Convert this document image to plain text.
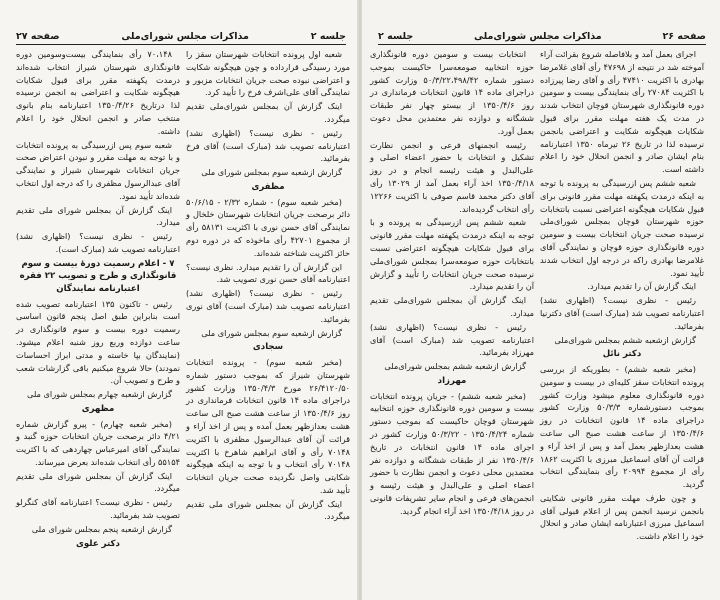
صفحه ۲۷	مذاکرات مجلس شورای‌ملی	جلسه ۲

شعبه اول پرونده انتخابات شهرستان سقز را مورد رسیدگی قرارداده و چون هیچگونه شکایت و اعتراضی نبوده صحت جریان انتخابات مزبور و نمایندگی آقای علی‌اشرف فرخ را تأیید کرد.

اینک گزارش آن بمجلس شورای‌ملی تقدیم میگردد.

رئیس - نظری نیست؟ (اظهاری نشد) اعتبارنامه تصویب شد (مبارک است) آقای فرخ بفرمائید.

گزارش ازشعبه سوم بمجلس شورای ملی

مظفری

(مخبر شعبه سوم) - شماره ۲/۳۲ - ۵۰/۶/۱۵ دائر برصحت جریان انتخابات شهرستان خلخال و نمایندگی آقای حسن نوری با اکثریت ۵۸۱۳۱ رأی از مجموع ۴۲۷۰۱ رأی ماخوذه که در دوره دوم حائز اکثریت شناخته شده‌اند.

این گزارش آن را تقدیم میدارد. نظری نیست؟ اعتبارنامه آقای حسن نوری تصویب شد.

رئیس - نظری نیست؟ (اظهاری نشد) اعتبارنامه تصویب شد (مبارک است) آقای نوری بفرمائید.

گزارش ازشعبه سوم بمجلس شورای ملی

سجادی

(مخبر شعبه سوم) - پرونده انتخابات شهرستان شیراز که بموجب دستور شماره ۲۶/۴۱۲۰/۵۰ مورخ ۱۳۵۰/۴/۳ وزارت کشور دراجرای ماده ۱۴ قانون انتخابات فرمانداری در روز ۱۳۵۰/۴/۶ از ساعت هشت صبح الی ساعت هشت بعدازظهر بعمل آمده و پس از اخذ آراء و قرائت آن آقای عبدالرسول مظفری با اکثریت ۷۰۱۴۸ رأی و آقای ابراهیم شاهرخ با اکثریت ۷۰۱۴۸ رأی انتخاب و با توجه به اینکه هیچگونه شکایتی واصل نگردیده صحت جریان انتخابات تأیید شد.

اینک گزارش آن بمجلس شورای ملی تقدیم میگردد.

۷۰،۱۴۸ رأی بنمایندگی بیست‌وسومین دوره قانونگذاری شهرستان شیراز انتخاب شده‌اند درمدت یکهفته مقرر برای قبول شکایات هیچگونه شکایت و اعتراضی به انجمن نرسیده لذا درتاریخ ۱۳۵۰/۴/۲۶ اعتبارنامه بنام بانوی منتخب صادر و انجمن انحلال خود را اعلام داشته.

شعبه سوم پس ازرسیدگی به پرونده انتخابات و با توجه به مهلت مقرر و نبودن اعتراض صحت جریان انتخابات شهرستان شیراز و نمایندگی آقای عبدالرسول مظفری را که درجه اول انتخاب شده‌اند تأیید نمود.

اینک گزارش آن بمجلس شورای ملی تقدیم میدارد.

رئیس - نظری نیست؟ (اظهاری نشد) اعتبارنامه تصویب شد (مبارک است).

۷ - اعلام رسمیت دورهٔ بیست و سوم قانونگذاری و طرح و تصویب ۲۲ فقره اعتبارنامه نمایندگان

رئیس - تاکنون ۱۳۵ اعتبارنامه تصویب شده است بنابراین طبق اصل پنجم قانون اساسی رسمیت دوره بیست و سوم قانونگذاری در ساعت دوازده وربع روز شنبه اعلام میشود. (نمایندگان بپا خاسته و مدتی ابراز احساسات نمودند) حالا شروع میکنیم باقی گزارشات شعب و طرح و تصویب آن.

گزارش ازشعبه چهارم بمجلس شورای ملی

مظهری

(مخبر شعبه چهارم) - پیرو گزارش شماره ۴/۲۱ دائر برصحت جریان انتخابات حوزه گنبد و نمایندگی آقای امیرعباس چهاردهی که با اکثریت ۵۵۱۵۴ رأی انتخاب شده‌اند بعرض میرساند.

اینک گزارش آن بمجلس شورای ملی تقدیم میگردد.

رئیس - نظری نیست؟ اعتبارنامه آقای کنگرلو تصویب شد بفرمائید.

گزارش ازشعبه پنجم بمجلس شورای ملی

دکتر علوی
جلسه ۲	مذاکرات مجلس شورای‌ملی	صفحه ۲۶

اجرای بعمل آمد و بلافاصله شروع بقرائت آراء آموخته شد در نتیجه از ۴۷۶۹۸ رأی آقای غلامرضا بهادری با اکثریت ۴۷۴۱۰ رأی و آقای رضا پیرزاده با اکثریت ۲۷۰۸۴ رأی بنمایندگی بیست و سومین دوره قانونگذاری شهرستان قوچان انتخاب شدند در مدت یک هفته مهلت مقرر برای قبول شکایات هیچگونه شکایت و اعتراضی بانجمن نرسیده لذا در تاریخ ۲۶ تیرماه ۱۳۵۰ اعتبارنامه بنام ایشان صادر و انجمن انحلال خود را اعلام داشته است.

شعبه ششم پس ازرسیدگی به پرونده با توجه به اینکه درمدت یکهفته مهلت مقرر قانونی برای قبول شکایات هیچگونه اعتراضی نسبت بانتخابات حوزه شهرستان قوچان بمجلس شورای‌ملی نرسیده صحت جریان انتخابات بیست و سومین دوره قانونگذاری حوزه قوچان و نمایندگی آقای غلامرضا بهادری راکه در درجه اول انتخاب شدند تأیید نمود.

اینک گزارش آن را تقدیم میدارد.

رئیس - نظری نیست؟ (اظهاری نشد) اعتبارنامه تصویب شد (مبارک است) آقای دکترنیا بفرمائید.

گزارش ازشعبه ششم بمجلس شورای‌ملی

دکتر نائل

(مخبر شعبه ششم) - بطوریکه از بررسی پرونده انتخابات سقز کلیه‌ای در بیست و سومین دوره قانونگذاری معلوم میشود وزارت کشور بموجب دستورشماره ۵۰/۳/۳ وزارت کشور دراجرای ماده ۱۴ قانون انتخابات در روز ۱۳۵۰/۴/۶ از ساعت هشت صبح الی ساعت هشت بعدازظهر بعمل آمد و پس از اخذ آراء و قرائت آن آقای اسماعیل مبرزی با اکثریت ۱۸۶۲ رأی از مجموع ۲۰۹۹۴ رأی بنمایندگی انتخاب گردید.

و چون طرف مهلت مقرر قانونی شکایتی بانجمن نرسید انجمن پس از اعلام قبولی آقای اسماعیل مبرزی اعتبارنامه ایشان صادر و انحلال خود را اعلام داشت.

انتخابات بیست و سومین دوره قانونگذاری حوزه انتخابیه صومعه‌سرا حاکیست بموجب دستور شماره ۵۰/۳/۲۲،۴۹۸/۴۲ وزارت کشور دراجرای ماده ۱۴ قانون انتخابات فرمانداری در روز ۱۳۵۰/۴/۶ از بیستو چهار نفر طبقات ششگانه و دوازده نفر معتمدین محل دعوت بعمل آورد.

رئیسه انجمنهای فرعی و انجمن نظارت تشکیل و انتخابات با حضور اعضاء اصلی و علی‌البدل و هیئت رئیسه انجام و در روز ۱۳۵۰/۴/۱۸ اخذ آراء بعمل آمد از ۱۳۰۲۹ رأی آقای دکتر محمد قاسم صوفی با اکثریت ۱۲۲۶۶ رأی انتخاب گردیده‌اند.

شعبه ششم پس ازرسیدگی به پرونده و با توجه به اینکه درمدت یکهفته مهلت مقرر قانونی برای قبول شکایات هیچگونه اعتراضی نسبت بانتخابات حوزه صومعه‌سرا بمجلس شورای‌ملی نرسیده صحت جریان انتخابات را تأیید و گزارش آن را تقدیم میدارد.

اینک گزارش آن بمجلس شورای‌ملی تقدیم میدارد.

رئیس - نظری نیست؟ (اظهاری نشد) اعتبارنامه تصویب شد (مبارک است) آقای مهرزاد بفرمائید.

گزارش ازشعبه ششم بمجلس شورای‌ملی

مهرزاد

(مخبر شعبه ششم) - جریان پرونده انتخابات بیست و سومین دوره قانونگذاری حوزه انتخابیه شهرستان قوچان حاکیست که بموجب دستور شماره ۱۳۵۰/۴/۲۴ - ۵۰/۳/۲۲ وزارت کشور در اجرای ماده ۱۴ قانون انتخابات در تاریخ ۱۳۵۰/۴/۶ نفر از طبقات ششگانه و دوازده نفر معتمدین محلی دعوت و انجمن نظارت با حضور اعضاء اصلی و علی‌البدل و هیئت رئیسه و انجمن‌های فرعی و انجام سایر تشریفات قانونی در روز ۱۳۵۰/۴/۱۸ اخذ آراء انجام گردید.
